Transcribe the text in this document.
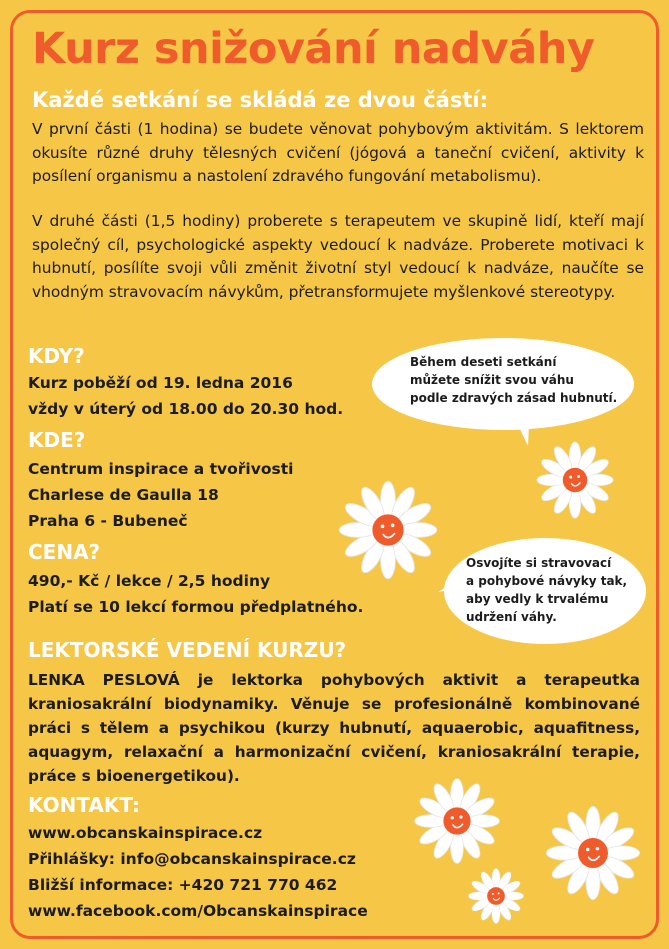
Kurz snižování nadváhy
Každé setkání se skládá ze dvou částí:

V první části (1 hodina) se budete věnovat pohybovým aktivitám. S lektorem okusíte různé druhy tělesných cvičení (jógová a taneční cvičení, aktivity k posílení organismu a nastolení zdravého fungování metabolismu).

V druhé části (1,5 hodiny) proberete s terapeutem ve skupině lidí, kteří mají společný cíl, psychologické aspekty vedoucí k nadváze. Proberete motivaci k hubnutí, posílíte svoji vůli změnit životní styl vedoucí k nadváze, naučíte se vhodným stravovacím návykům, přetransformujete myšlenkové stereotypy.

KDY?
Kurz poběží od 19. ledna 2016
vždy v úterý od 18.00 do 20.30 hod.
KDE?
Centrum inspirace a tvořivosti
Charlese de Gaulla 18
Praha 6 - Bubeneč
CENA?
490,- Kč / lekce / 2,5 hodiny
Platí se 10 lekcí formou předplatného.
LEKTORSKÉ VEDENÍ KURZU?

LENKA PESLOVÁ je lektorka pohybových aktivit a terapeutka kraniosakrální biodynamiky. Věnuje se profesionálně kombinované práci s tělem a psychikou (kurzy hubnutí, aquaerobic, aquafitness, aquagym, relaxační a harmonizační cvičení, kraniosakrální terapie, práce s bioenergetikou).

KONTAKT:
www.obcanskainspirace.cz
Přihlášky: info@obcanskainspirace.cz
Bližší informace: +420 721 770 462
www.facebook.com/Obcanskainspirace
Během deseti setkání
můžete snížit svou váhu
podle zdravých zásad hubnutí.
Osvojíte si stravovací
a pohybové návyky tak,
aby vedly k trvalému
udržení váhy.
